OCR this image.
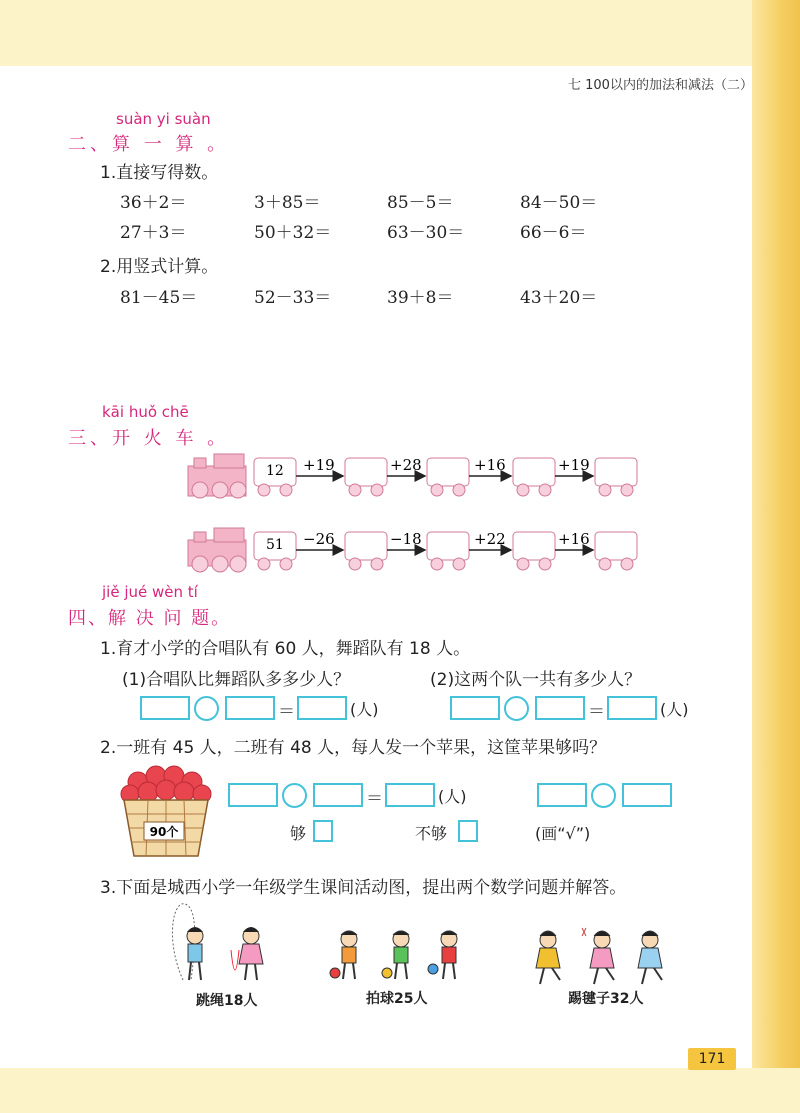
七 100以内的加法和减法（二）
suàn yi suàn
二、算 一 算 。
1.直接写得数。
36＋2＝	3＋85＝	85－5＝	84－50＝
27＋3＝	50＋32＝	63－30＝	66－6＝
2.用竖式计算。
81－45＝	52－33＝	39＋8＝	43＋20＝
kāi huǒ chē
三、开 火 车 。
12 +19	+28	+16	+19
51 −26	−18	+22	+16
jiě jué wèn tí
四、解 决 问 题。
1.育才小学的合唱队有 60 人，舞蹈队有 18 人。
(1)合唱队比舞蹈队多多少人？	(2)这两个队一共有多少人？
＝	(人)	＝	(人)
2.一班有 45 人，二班有 48 人，每人发一个苹果，这筐苹果够吗？
90个
＝	(人)
够	不够	(画“√”)
3.下面是城西小学一年级学生课间活动图，提出两个数学问题并解答。
跳绳18人	拍球25人	踢毽子32人
171
